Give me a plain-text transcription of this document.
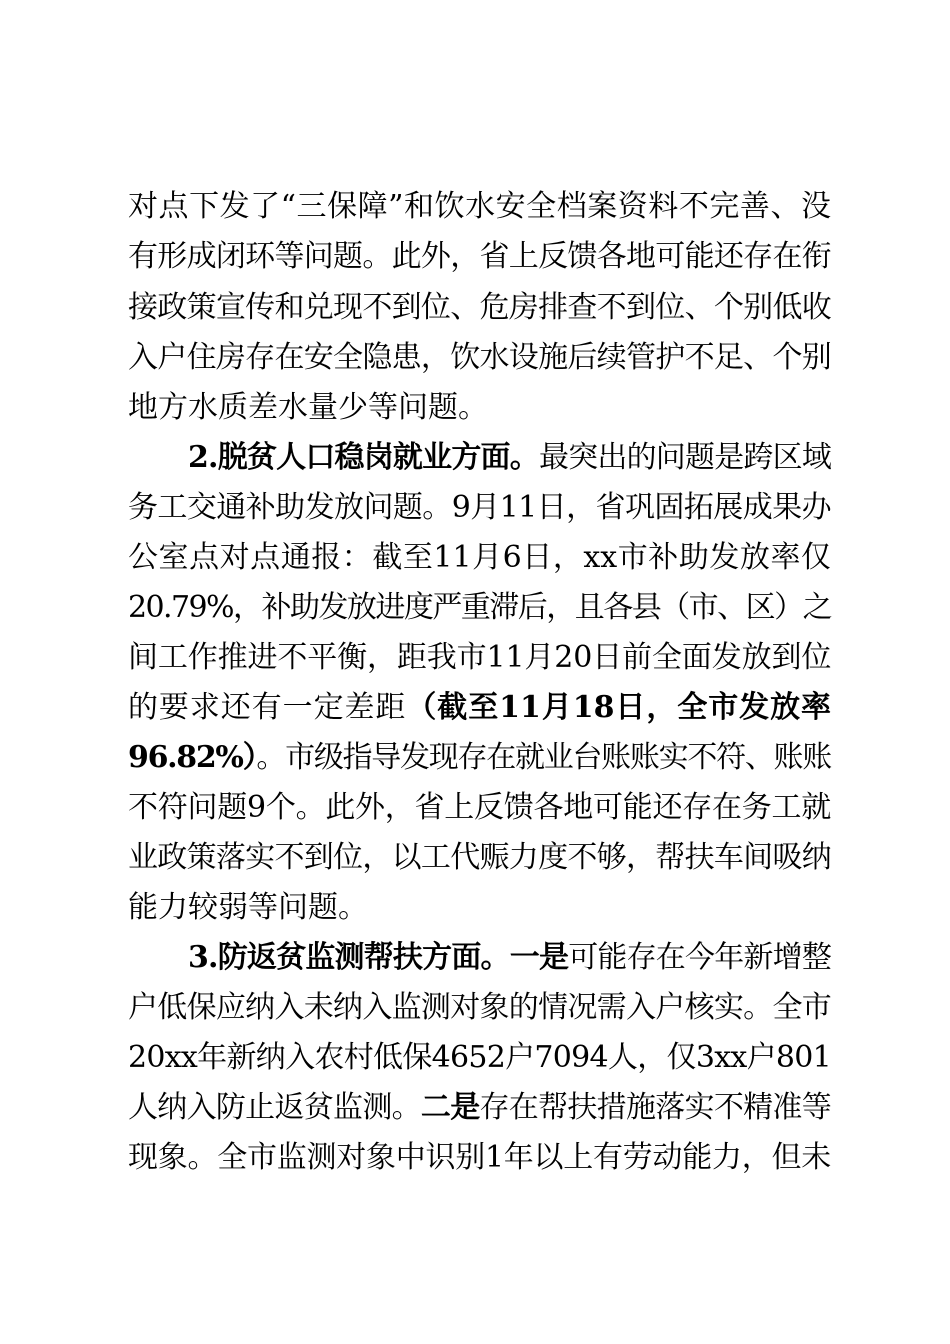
对点下发了“三保障”和饮水安全档案资料不完善、没
有形成闭环等问题。此外，省上反馈各地可能还存在衔
接政策宣传和兑现不到位、危房排查不到位、个别低收
入户住房存在安全隐患，饮水设施后续管护不足、个别
地方水质差水量少等问题。
2.脱贫人口稳岗就业方面。最突出的问题是跨区域
务工交通补助发放问题。9月11日，省巩固拓展成果办
公室点对点通报：截至11月6日，xx市补助发放率仅
20.79%，补助发放进度严重滞后，且各县（市、区）之
间工作推进不平衡，距我市11月20日前全面发放到位
的要求还有一定差距（截至11月18日，全市发放率
96.82%）。市级指导发现存在就业台账账实不符、账账
不符问题9个。此外，省上反馈各地可能还存在务工就
业政策落实不到位，以工代赈力度不够，帮扶车间吸纳
能力较弱等问题。
3.防返贫监测帮扶方面。一是可能存在今年新增整
户低保应纳入未纳入监测对象的情况需入户核实。全市
20xx年新纳入农村低保4652户7094人，仅3xx户801
人纳入防止返贫监测。二是存在帮扶措施落实不精准等
现象。全市监测对象中识别1年以上有劳动能力，但未
